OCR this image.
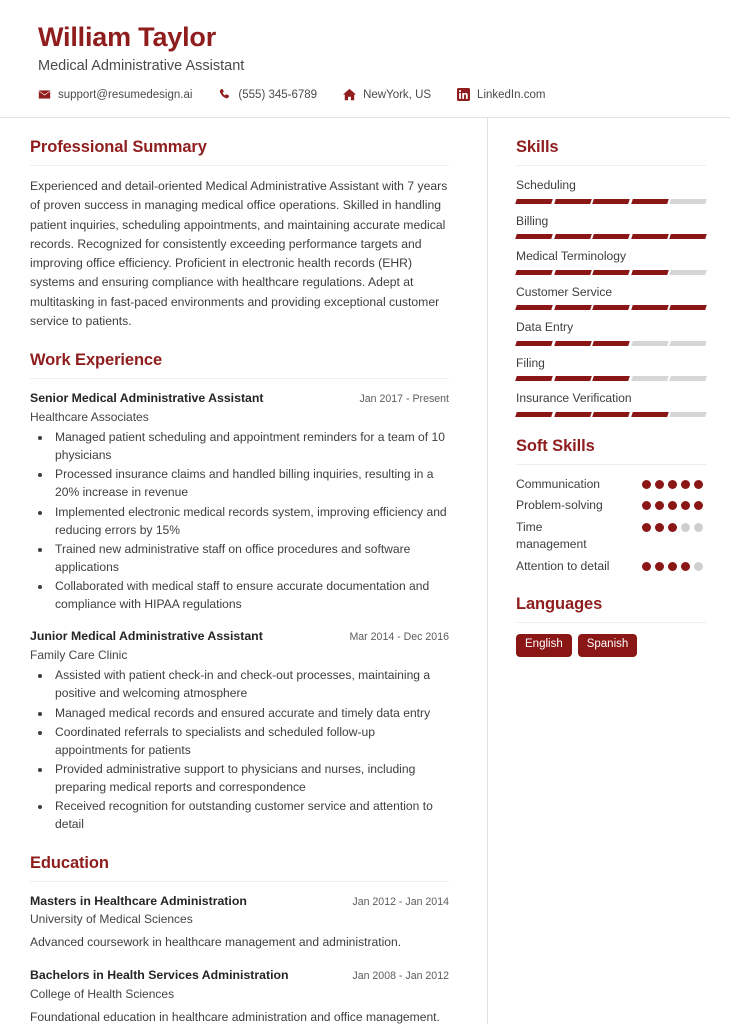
William Taylor
Medical Administrative Assistant
support@resumedesign.ai	(555) 345-6789	NewYork, US	LinkedIn.com
Professional Summary
Experienced and detail-oriented Medical Administrative Assistant with 7 years of proven success in managing medical office operations. Skilled in handling patient inquiries, scheduling appointments, and maintaining accurate medical records. Recognized for consistently exceeding performance targets and improving office efficiency. Proficient in electronic health records (EHR) systems and ensuring compliance with healthcare regulations. Adept at multitasking in fast-paced environments and providing exceptional customer service to patients.
Work Experience
Senior Medical Administrative Assistant	Jan 2017 - Present
Healthcare Associates
• Managed patient scheduling and appointment reminders for a team of 10 physicians
• Processed insurance claims and handled billing inquiries, resulting in a 20% increase in revenue
• Implemented electronic medical records system, improving efficiency and reducing errors by 15%
• Trained new administrative staff on office procedures and software applications
• Collaborated with medical staff to ensure accurate documentation and compliance with HIPAA regulations
Junior Medical Administrative Assistant	Mar 2014 - Dec 2016
Family Care Clinic
• Assisted with patient check-in and check-out processes, maintaining a positive and welcoming atmosphere
• Managed medical records and ensured accurate and timely data entry
• Coordinated referrals to specialists and scheduled follow-up appointments for patients
• Provided administrative support to physicians and nurses, including preparing medical reports and correspondence
• Received recognition for outstanding customer service and attention to detail
Education
Masters in Healthcare Administration	Jan 2012 - Jan 2014
University of Medical Sciences
Advanced coursework in healthcare management and administration.
Bachelors in Health Services Administration	Jan 2008 - Jan 2012
College of Health Sciences
Foundational education in healthcare administration and office management.
Skills
Scheduling
Billing
Medical Terminology
Customer Service
Data Entry
Filing
Insurance Verification
Soft Skills
Communication
Problem-solving
Time management
Attention to detail
Languages
English	Spanish
